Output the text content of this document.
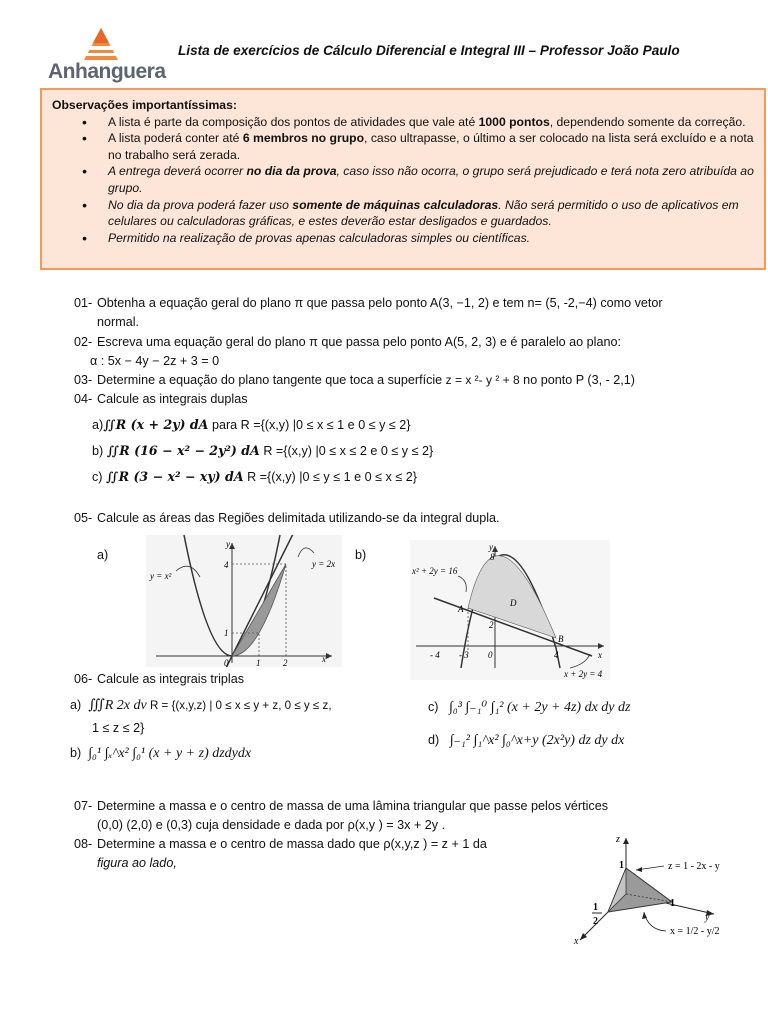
Anhanguera
Lista de exercícios de Cálculo Diferencial e Integral III – Professor João Paulo
Observações importantíssimas:
• A lista é parte da composição dos pontos de atividades que vale até 1000 pontos, dependendo somente da correção.
• A lista poderá conter até 6 membros no grupo, caso ultrapasse, o último a ser colocado na lista será excluído e a nota no trabalho será zerada.
• A entrega deverá ocorrer no dia da prova, caso isso não ocorra, o grupo será prejudicado e terá nota zero atribuída ao grupo.
• No dia da prova poderá fazer uso somente de máquinas calculadoras. Não será permitido o uso de aplicativos em celulares ou calculadoras gráficas, e estes deverão estar desligados e guardados.
• Permitido na realização de provas apenas calculadoras simples ou científicas.
01- Obtenha a equação geral do plano π que passa pelo ponto A(3, −1, 2) e tem n= (5, -2,−4) como vetor
normal.
02- Escreva uma equação geral do plano π que passa pelo ponto A(5, 2, 3) e é paralelo ao plano:
α : 5x − 4y − 2z + 3 = 0
03- Determine a equação do plano tangente que toca a superfície z = x ²- y ² + 8 no ponto P (3, - 2,1)
04- Calcule as integrais duplas
a)∬R (x + 2y) dA para R ={(x,y) |0 ≤ x ≤ 1 e 0 ≤ y ≤ 2}
b) ∬R (16 − x² − 2y²) dA R ={(x,y) |0 ≤ x ≤ 2 e 0 ≤ y ≤ 2}
c) ∬R (3 − x² − xy) dA R ={(x,y) |0 ≤ y ≤ 1 e 0 ≤ x ≤ 2}
05- Calcule as áreas das Regiões delimitada utilizando-se da integral dupla.
a)	b)
y
x
y = x²
y = 2x
4
1
1	2
0
y
x
x² + 2y = 16
x + 2y = 4
8
2
A
B
D
- 4 - 3	4
0
06- Calcule as integrais triplas
a) ∭R 2x dv R = {(x,y,z) | 0 ≤ x ≤ y + z, 0 ≤ y ≤ z,
1 ≤ z ≤ 2}
b) ∫₀¹ ∫ₓ^x² ∫₀¹ (x + y + z) dzdydx
c) ∫₀³ ∫₋₁⁰ ∫₁² (x + 2y + 4z) dx dy dz
d) ∫₋₁² ∫₁^x² ∫₀^x+y (2x²y) dz dy dx
07- Determine a massa e o centro de massa de uma lâmina triangular que passe pelos vértices
(0,0) (2,0) e (0,3) cuja densidade e dada por ρ(x,y ) = 3x + 2y .
08- Determine a massa e o centro de massa dado que ρ(x,y,z ) = z + 1 da
figura ao lado,
z
y
x
1
1
1
2
z = 1 - 2x - y
x = 1/2 - y/2
